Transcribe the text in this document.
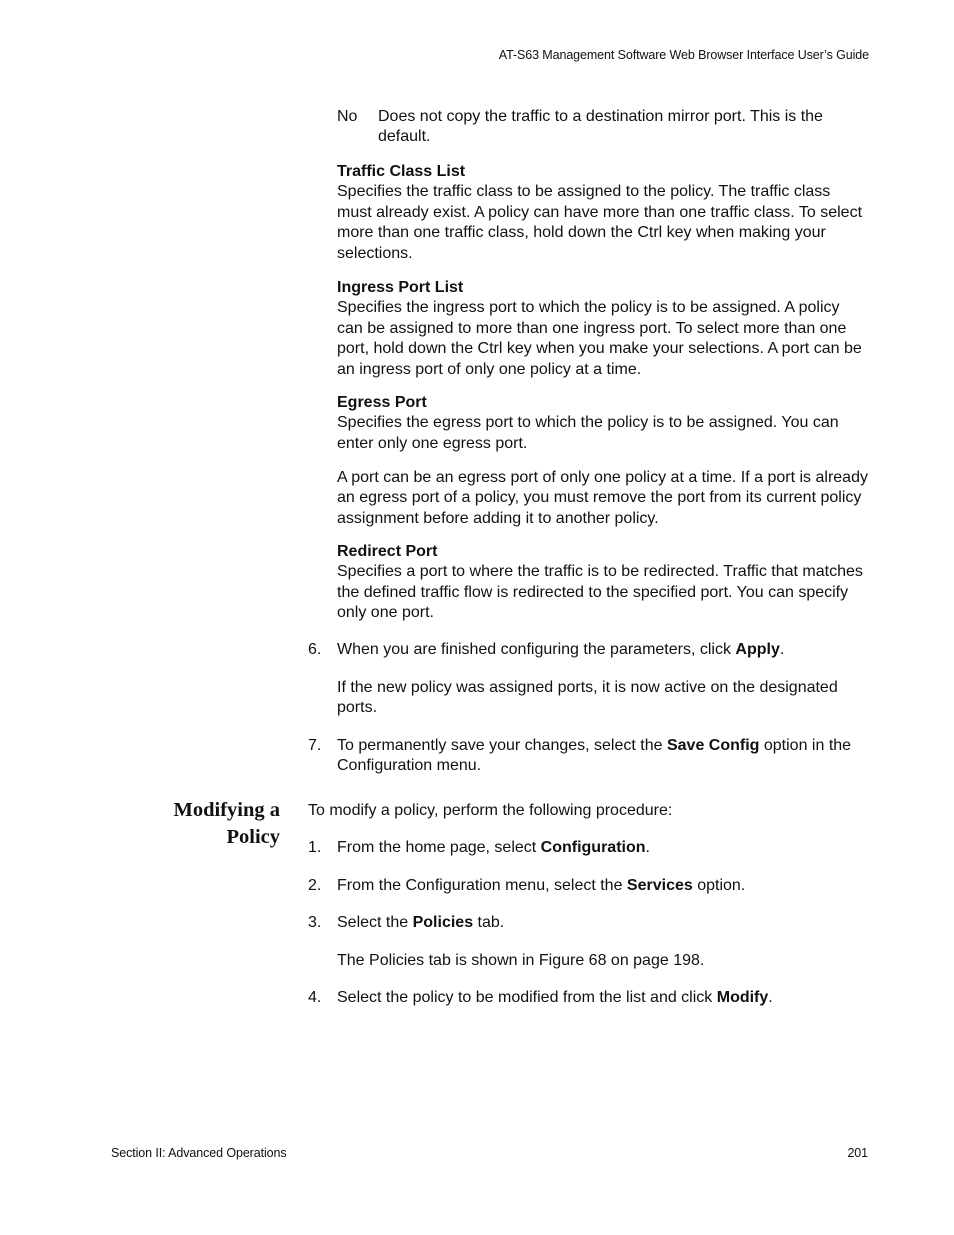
AT-S63 Management Software Web Browser Interface User’s Guide
No Does not copy the traffic to a destination mirror port. This is the default.
Traffic Class List
Specifies the traffic class to be assigned to the policy. The traffic class must already exist. A policy can have more than one traffic class. To select more than one traffic class, hold down the Ctrl key when making your selections.
Ingress Port List
Specifies the ingress port to which the policy is to be assigned. A policy can be assigned to more than one ingress port. To select more than one port, hold down the Ctrl key when you make your selections. A port can be an ingress port of only one policy at a time.
Egress Port
Specifies the egress port to which the policy is to be assigned. You can enter only one egress port.
A port can be an egress port of only one policy at a time. If a port is already an egress port of a policy, you must remove the port from its current policy assignment before adding it to another policy.
Redirect Port
Specifies a port to where the traffic is to be redirected. Traffic that matches the defined traffic flow is redirected to the specified port. You can specify only one port.
6. When you are finished configuring the parameters, click Apply.
If the new policy was assigned ports, it is now active on the designated ports.
7. To permanently save your changes, select the Save Config option in the Configuration menu.
Modifying a
Policy
To modify a policy, perform the following procedure:
1. From the home page, select Configuration.
2. From the Configuration menu, select the Services option.
3. Select the Policies tab.
The Policies tab is shown in Figure 68 on page 198.
4. Select the policy to be modified from the list and click Modify.
Section II: Advanced Operations	201
